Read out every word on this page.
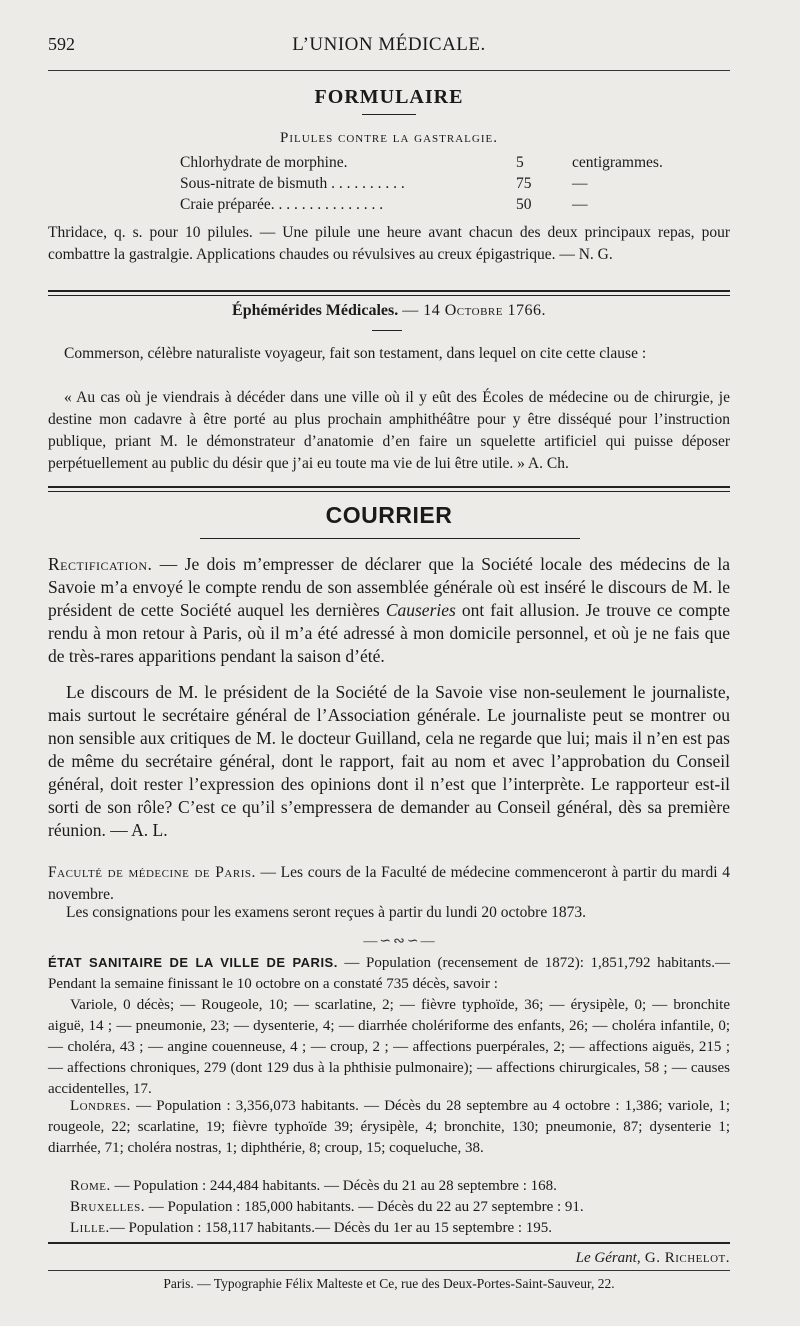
592	L’UNION MÉDICALE.
FORMULAIRE
Pilules contre la gastralgie.
Chlorhydrate de morphine.	5	centigrammes.
Sous-nitrate de bismuth . . . . . . . . . .	75	—
Craie préparée. . . . . . . . . . . . . . .	50	—

Thridace, q. s. pour 10 pilules. — Une pilule une heure avant chacun des deux principaux repas, pour combattre la gastralgie. Applications chaudes ou révulsives au creux épigastrique. — N. G.

Éphémérides Médicales. — 14 Octobre 1766.

Commerson, célèbre naturaliste voyageur, fait son testament, dans lequel on cite cette clause :

« Au cas où je viendrais à décéder dans une ville où il y eût des Écoles de médecine ou de chirurgie, je destine mon cadavre à être porté au plus prochain amphithéâtre pour y être disséqué pour l’instruction publique, priant M. le démonstrateur d’anatomie d’en faire un squelette artificiel qui puisse déposer perpétuellement au public du désir que j’ai eu toute ma vie de lui être utile. » A. Ch.

COURRIER

Rectification. — Je dois m’empresser de déclarer que la Société locale des médecins de la Savoie m’a envoyé le compte rendu de son assemblée générale où est inséré le discours de M. le président de cette Société auquel les dernières Causeries ont fait allusion. Je trouve ce compte rendu à mon retour à Paris, où il m’a été adressé à mon domicile personnel, et où je ne fais que de très-rares apparitions pendant la saison d’été.

Le discours de M. le président de la Société de la Savoie vise non-seulement le journaliste, mais surtout le secrétaire général de l’Association générale. Le journaliste peut se montrer ou non sensible aux critiques de M. le docteur Guilland, cela ne regarde que lui; mais il n’en est pas de même du secrétaire général, dont le rapport, fait au nom et avec l’approbation du Conseil général, doit rester l’expression des opinions dont il n’est que l’interprète. Le rapporteur est-il sorti de son rôle? C’est ce qu’il s’empressera de demander au Conseil général, dès sa première réunion. — A. L.

Faculté de médecine de Paris. — Les cours de la Faculté de médecine commenceront à partir du mardi 4 novembre.

Les consignations pour les examens seront reçues à partir du lundi 20 octobre 1873.

—∽∾∽—

ÉTAT SANITAIRE DE LA VILLE DE PARIS. — Population (recensement de 1872): 1,851,792 habitants.— Pendant la semaine finissant le 10 octobre on a constaté 735 décès, savoir :

Variole, 0 décès; — Rougeole, 10; — scarlatine, 2; — fièvre typhoïde, 36; — érysipèle, 0; — bronchite aiguë, 14 ; — pneumonie, 23; — dysenterie, 4; — diarrhée cholériforme des enfants, 26; — choléra infantile, 0; — choléra, 43 ; — angine couenneuse, 4 ; — croup, 2 ; — affections puerpérales, 2; — affections aiguës, 215 ; — affections chroniques, 279 (dont 129 dus à la phthisie pulmonaire); — affections chirurgicales, 58 ; — causes accidentelles, 17.

Londres. — Population : 3,356,073 habitants. — Décès du 28 septembre au 4 octobre : 1,386; variole, 1; rougeole, 22; scarlatine, 19; fièvre typhoïde 39; érysipèle, 4; bronchite, 130; pneumonie, 87; dysenterie 1; diarrhée, 71; choléra nostras, 1; diphthérie, 8; croup, 15; coqueluche, 38.

Rome. — Population : 244,484 habitants. — Décès du 21 au 28 septembre : 168.

Bruxelles. — Population : 185,000 habitants. — Décès du 22 au 27 septembre : 91.

Lille.— Population : 158,117 habitants.— Décès du 1er au 15 septembre : 195.

Le Gérant, G. Richelot.
Paris. — Typographie Félix Malteste et Ce, rue des Deux-Portes-Saint-Sauveur, 22.
